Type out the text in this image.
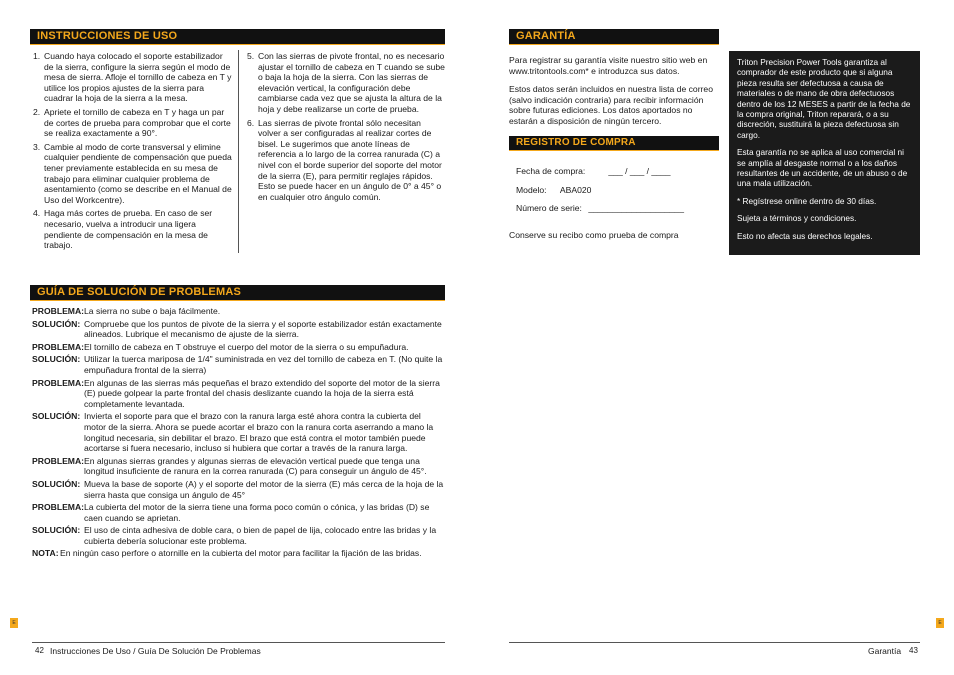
INSTRUCCIONES DE USO
1. Cuando haya colocado el soporte estabilizador de la sierra, configure la sierra según el modo de mesa de sierra. Afloje el tornillo de cabeza en T y utilice los propios ajustes de la sierra para cuadrar la hoja de la sierra a la mesa.
2. Apriete el tornillo de cabeza en T y haga un par de cortes de prueba para comprobar que el corte se realiza exactamente a 90°.
3. Cambie al modo de corte transversal y elimine cualquier pendiente de compensación que pueda tener previamente establecida en su mesa de trabajo para eliminar cualquier problema de asentamiento (como se describe en el Manual de Uso del Workcentre).
4. Haga más cortes de prueba. En caso de ser necesario, vuelva a introducir una ligera pendiente de compensación en la mesa de trabajo.
5. Con las sierras de pivote frontal, no es necesario ajustar el tornillo de cabeza en T cuando se sube o baja la hoja de la sierra. Con las sierras de elevación vertical, la configuración debe cambiarse cada vez que se ajusta la altura de la hoja y debe realizarse un corte de prueba.
6. Las sierras de pivote frontal sólo necesitan volver a ser configuradas al realizar cortes de bisel. Le sugerimos que anote líneas de referencia a lo largo de la correa ranurada (C) a nivel con el borde superior del soporte del motor de la sierra (E), para permitir reglajes rápidos. Esto se puede hacer en un ángulo de 0° a 45° o en cualquier otro ángulo común.
GUÍA DE SOLUCIÓN DE PROBLEMAS
PROBLEMA: La sierra no sube o baja fácilmente.
SOLUCIÓN: Compruebe que los puntos de pivote de la sierra y el soporte estabilizador están exactamente alineados. Lubrique el mecanismo de ajuste de la sierra.
PROBLEMA: El tornillo de cabeza en T obstruye el cuerpo del motor de la sierra o su empuñadura.
SOLUCIÓN: Utilizar la tuerca mariposa de 1/4" suministrada en vez del tornillo de cabeza en T. (No quite la empuñadura frontal de la sierra)
PROBLEMA: En algunas de las sierras más pequeñas el brazo extendido del soporte del motor de la sierra (E) puede golpear la parte frontal del chasis deslizante cuando la hoja de la sierra está completamente levantada.
SOLUCIÓN: Invierta el soporte para que el brazo con la ranura larga esté ahora contra la cubierta del motor de la sierra. Ahora se puede acortar el brazo con la ranura corta aserrando a mano la longitud necesaria, sin debilitar el brazo. El brazo que está contra el motor también puede acortarse si fuera necesario, incluso si hubiera que cortar a través de la ranura larga.
PROBLEMA: En algunas sierras grandes y algunas sierras de elevación vertical puede que tenga una longitud insuficiente de ranura en la correa ranurada (C) para conseguir un ángulo de 45°.
SOLUCIÓN: Mueva la base de soporte (A) y el soporte del motor de la sierra (E) más cerca de la hoja de la sierra hasta que consiga un ángulo de 45°
PROBLEMA: La cubierta del motor de la sierra tiene una forma poco común o cónica, y las bridas (D) se caen cuando se aprietan.
SOLUCIÓN: El uso de cinta adhesiva de doble cara, o bien de papel de lija, colocado entre las bridas y la cubierta debería solucionar este problema.
NOTA: En ningún caso perfore o atornille en la cubierta del motor para facilitar la fijación de las bridas.
E
42 Instrucciones De Uso / Guía De Solución De Problemas
GARANTÍA
Para registrar su garantía visite nuestro sitio web en www.tritontools.com* e introduzca sus datos.
Estos datos serán incluidos en nuestra lista de correo (salvo indicación contraria) para recibir información sobre futuras ediciones. Los datos aportados no estarán a disposición de ningún tercero.
REGISTRO DE COMPRA
Fecha de compra:	___ / ___ / ____
Modelo: ABA020
Número de serie: ____________________
Conserve su recibo como prueba de compra

Triton Precision Power Tools garantiza al comprador de este producto que si alguna pieza resulta ser defectuosa a causa de materiales o de mano de obra defectuosos dentro de los 12 MESES a partir de la fecha de la compra original, Triton reparará, o a su discreción, sustituirá la pieza defectuosa sin cargo.

Esta garantía no se aplica al uso comercial ni se amplía al desgaste normal o a los daños resultantes de un accidente, de un abuso o de una mala utilización.

* Regístrese online dentro de 30 días.

Sujeta a términos y condiciones.

Esto no afecta sus derechos legales.

E
Garantía 43
